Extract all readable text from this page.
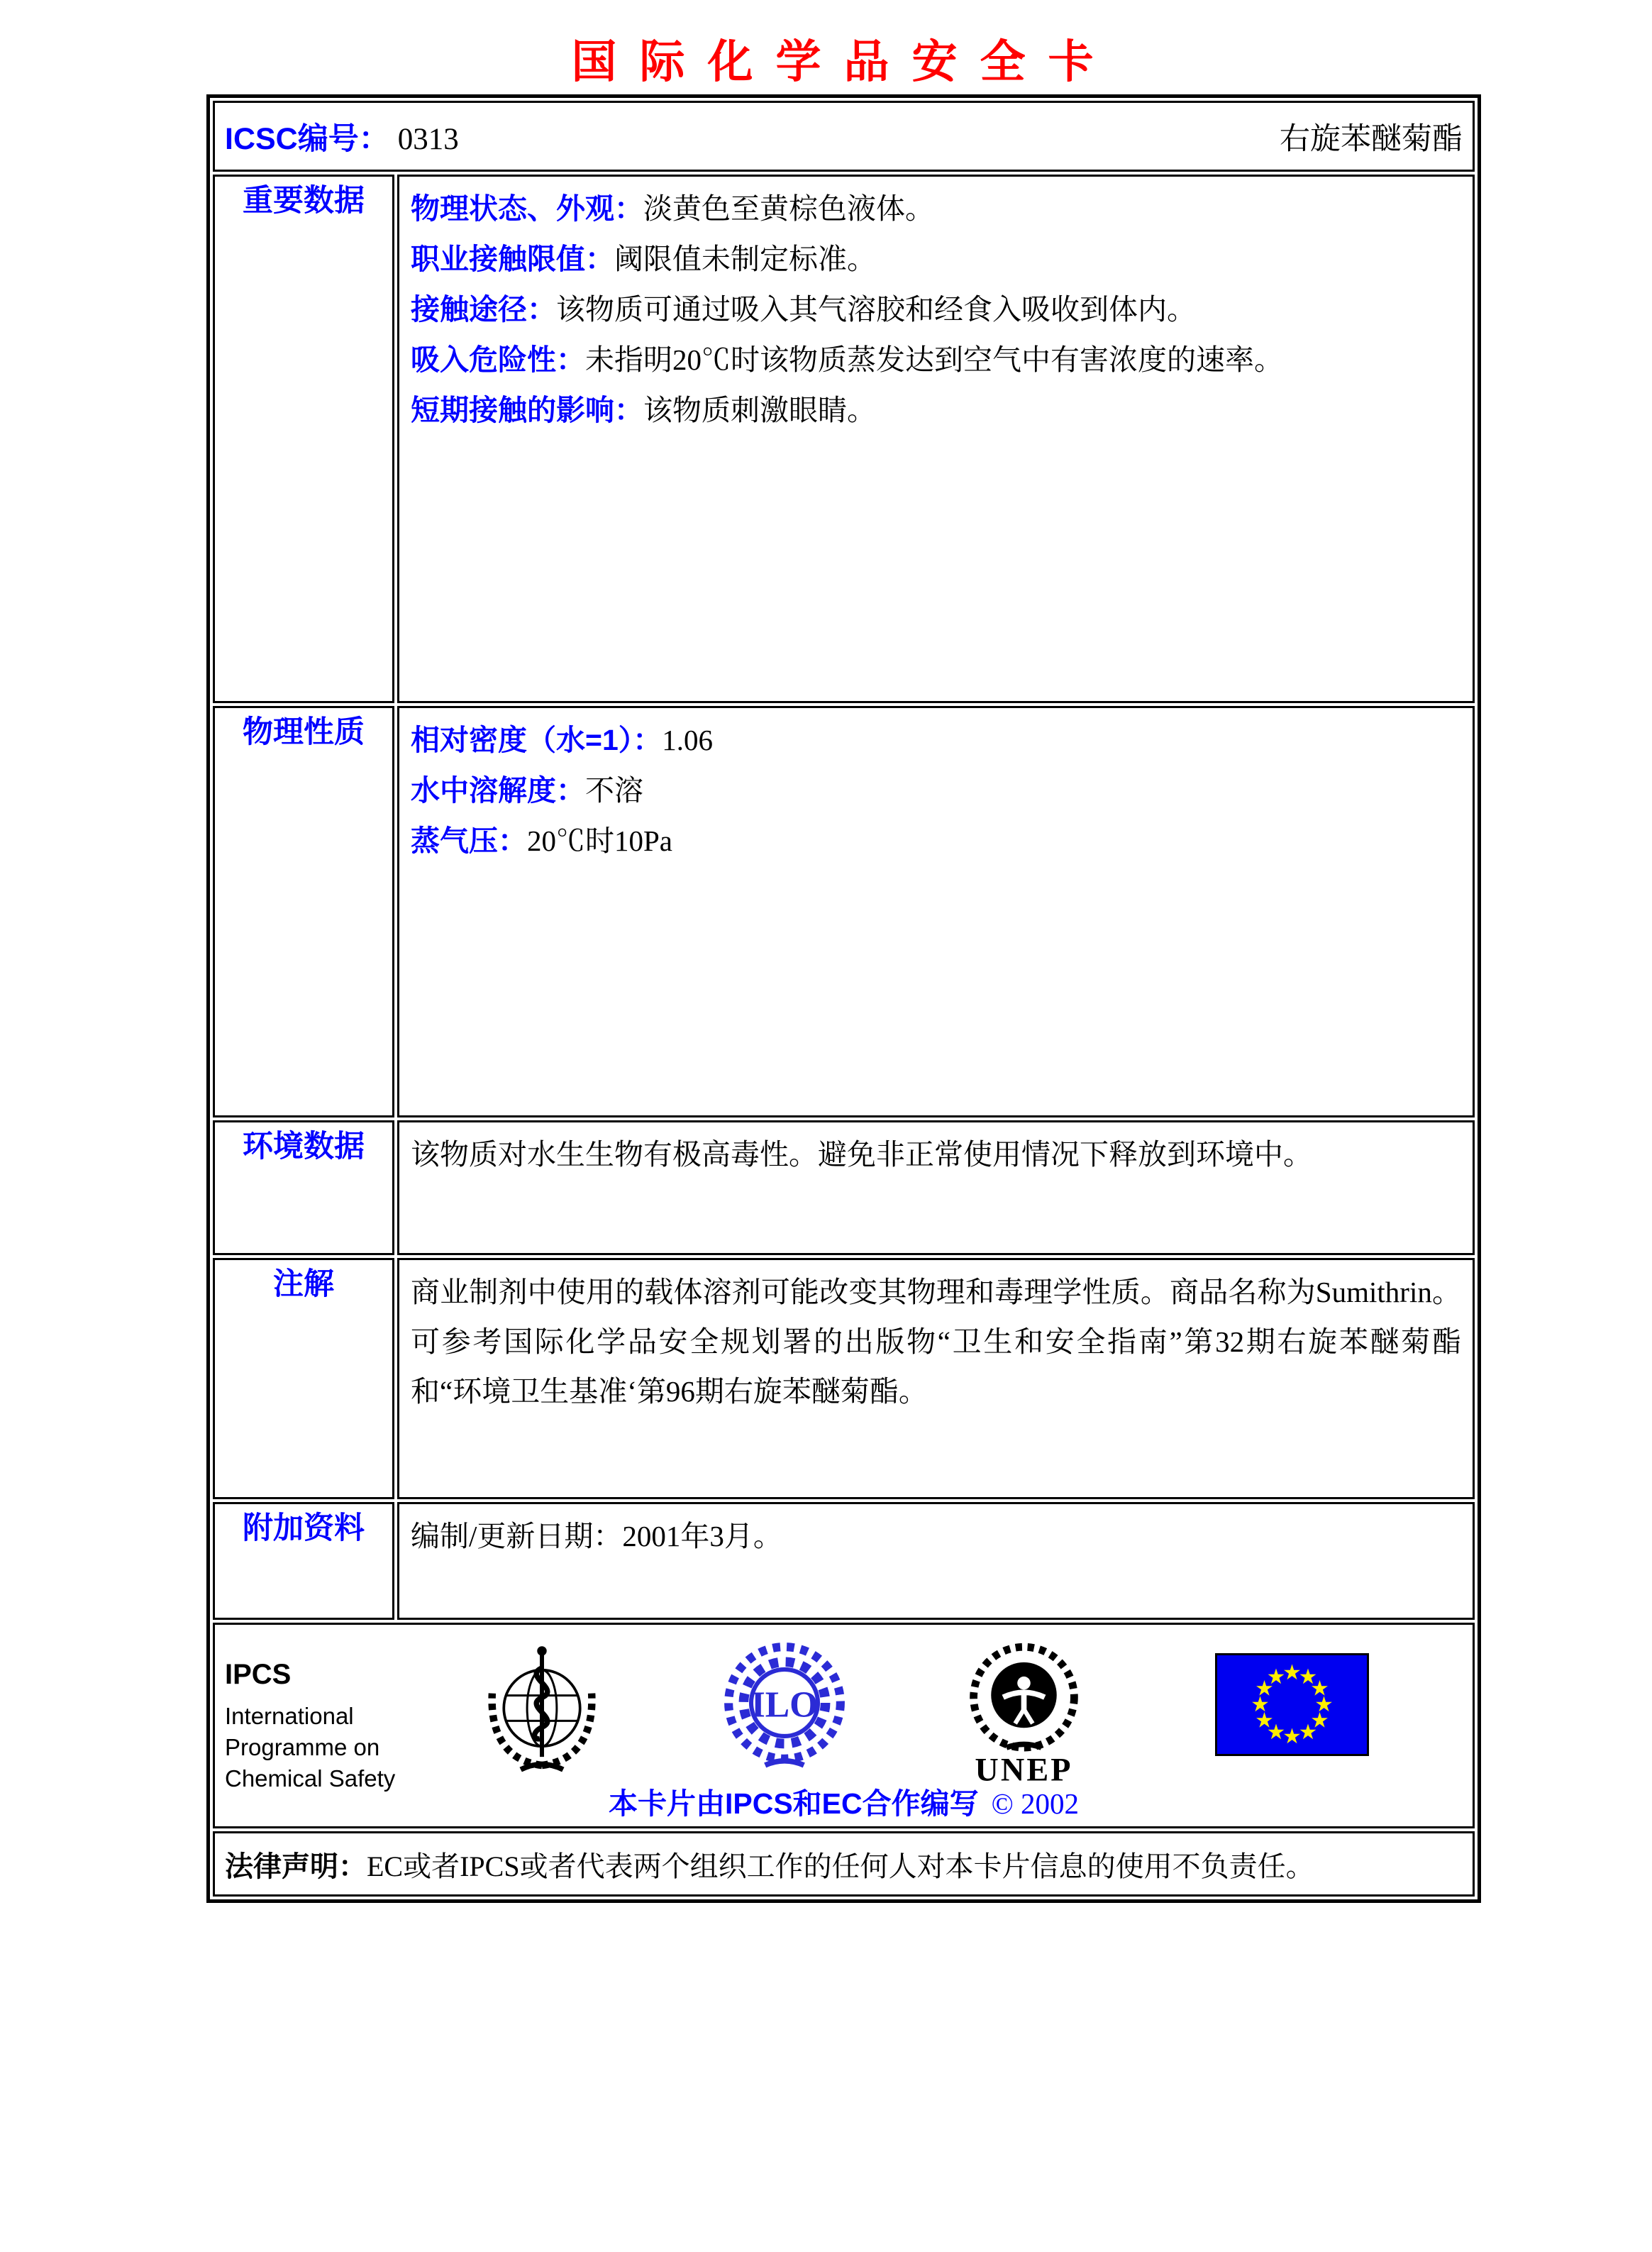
国际化学品安全卡
ICSC编号： 0313 右旋苯醚菊酯	

重要数据	物理状态、外观：淡黄色至黄棕色液体。
职业接触限值：阈限值未制定标准。
接触途径：该物质可通过吸入其气溶胶和经食入吸收到体内。
吸入危险性：未指明20℃时该物质蒸发达到空气中有害浓度的速率。
短期接触的影响：该物质刺激眼睛。

物理性质	相对密度（水=1）：1.06
水中溶解度：不溶
蒸气压：20℃时10Pa

环境数据	该物质对水生生物有极高毒性。避免非正常使用情况下释放到环境中。

注解	商业制剂中使用的载体溶剂可能改变其物理和毒理学性质。商品名称为Sumithrin。可参考国际化学品安全规划署的出版物“卫生和安全指南”第32期右旋苯醚菊酯和“环境卫生基准‘第96期右旋苯醚菊酯。

附加资料	编制/更新日期：2001年3月。

IPCS
International
Programme on
Chemical Safety
ILO
UNEP
本卡片由IPCS和EC合作编写 © 2002

法律声明： EC或者IPCS或者代表两个组织工作的任何人对本卡片信息的使用不负责任。	
